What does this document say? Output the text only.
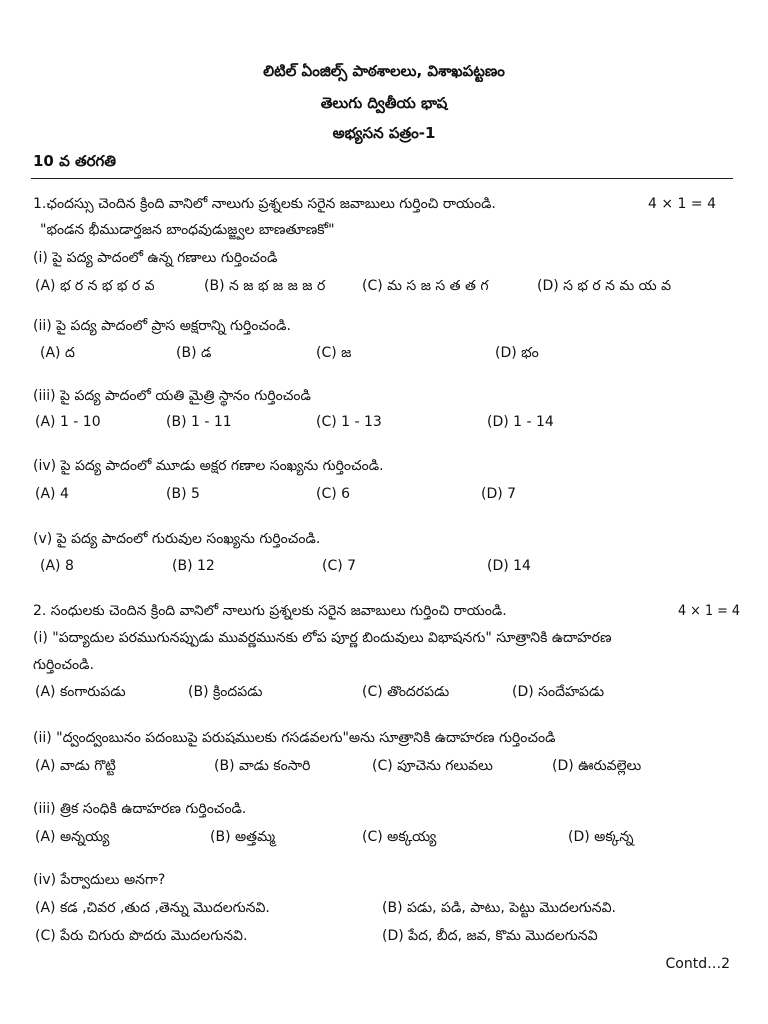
లిటిల్ ఏంజిల్స్ పాఠశాలలు, విశాఖపట్టణం
తెలుగు ద్వితీయ భాష
అభ్యసన పత్రం-1
10 వ తరగతి
1.ఛందస్సు చెందిన క్రింది వానిలో నాలుగు ప్రశ్నలకు సరైన జవాబులు గుర్తించి రాయండి.	4 × 1 = 4
"భండన భీముడార్తజన బాంధవుడుజ్జ్వల బాణతూణకో"
(i) పై పద్య పాదంలో ఉన్న గణాలు గుర్తించండి
(A) భ ర న భ భ ర వ	(B) న జ భ జ జ జ ర	(C) మ స జ స త త గ	(D) స భ ర న మ య వ
(ii) పై పద్య పాదంలో ప్రాస అక్షరాన్ని గుర్తించండి.
(A) ద	(B) డ	(C) జ	(D) భం
(iii) పై పద్య పాదంలో యతి మైత్రి స్థానం గుర్తించండి
(A) 1 - 10	(B) 1 - 11	(C) 1 - 13	(D) 1 - 14
(iv) పై పద్య పాదంలో మూడు అక్షర గణాల సంఖ్యను గుర్తించండి.
(A) 4	(B) 5	(C) 6	(D) 7
(v) పై పద్య పాదంలో గురువుల సంఖ్యను గుర్తించండి.
(A) 8	(B) 12	(C) 7	(D) 14
2. సంధులకు చెందిన క్రింది వానిలో నాలుగు ప్రశ్నలకు సరైన జవాబులు గుర్తించి రాయండి.	4 × 1 = 4
(i) "పద్యాదుల పరముగునప్పుడు మువర్ణమునకు లోప పూర్ణ బిందువులు విభాషనగు" సూత్రానికి ఉదాహరణ
గుర్తించండి.
(A) కంగారుపడు	(B) క్రిందపడు	(C) తొందరపడు	(D) సందేహపడు
(ii) "ద్వంద్వంబునం పదంబుపై పరుషములకు గసడవలగు"అను సూత్రానికి ఉదాహరణ గుర్తించండి
(A) వాడు గొట్టి	(B) వాడు కంసారి	(C) పూచెను గలువలు	(D) ఊరువల్లెలు
(iii) త్రిక సంధికి ఉదాహరణ గుర్తించండి.
(A) అన్నయ్య	(B) అత్తమ్మ	(C) అక్కయ్య	(D) అక్కన్న
(iv) పేర్వాదులు అనగా?
(A) కడ ,చివర ,తుద ,తెన్ను మొదలగునవి.	(B) పడు, పడి, పాటు, పెట్టు మొదలగునవి.
(C) పేరు చిగురు పొదరు మొదలగునవి.	(D) పేద, బీద, జవ, కొమ మొదలగునవి
Contd…2
